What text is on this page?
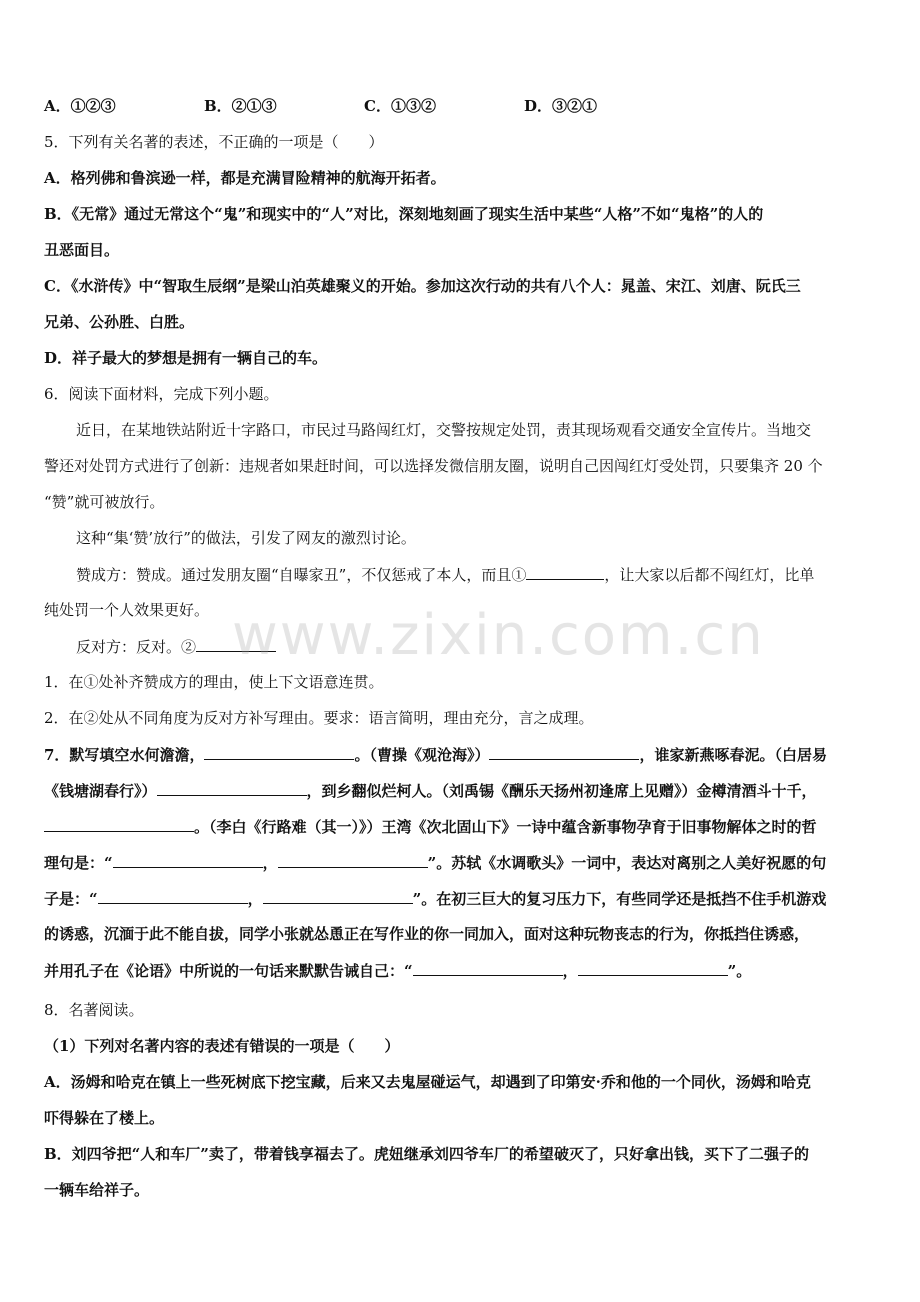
A．①②③	B．②①③	C．①③②	D．③②①
5．下列有关名著的表述，不正确的一项是（　　）
A．格列佛和鲁滨逊一样，都是充满冒险精神的航海开拓者。
B．《无常》通过无常这个“鬼”和现实中的“人”对比，深刻地刻画了现实生活中某些“人格”不如“鬼格”的人的
丑恶面目。
C．《水浒传》中“智取生辰纲”是梁山泊英雄聚义的开始。参加这次行动的共有八个人：晁盖、宋江、刘唐、阮氏三
兄弟、公孙胜、白胜。
D．祥子最大的梦想是拥有一辆自己的车。
6．阅读下面材料，完成下列小题。
近日，在某地铁站附近十字路口，市民过马路闯红灯，交警按规定处罚，责其现场观看交通安全宣传片。当地交
警还对处罚方式进行了创新：违规者如果赶时间，可以选择发微信朋友圈，说明自己因闯红灯受处罚，只要集齐 20 个
“赞”就可被放行。
这种“集‘赞’放行”的做法，引发了网友的激烈讨论。
赞成方：赞成。通过发朋友圈“自曝家丑”，不仅惩戒了本人，而且①	，让大家以后都不闯红灯，比单
纯处罚一个人效果更好。
反对方：反对。②
1．在①处补齐赞成方的理由，使上下文语意连贯。
2．在②处从不同角度为反对方补写理由。要求：语言简明，理由充分，言之成理。
7．默写填空水何澹澹，	。（曹操《观沧海》）	，谁家新燕啄春泥。（白居易
《钱塘湖春行》）	，到乡翻似烂柯人。（刘禹锡《酬乐天扬州初逢席上见赠》）金樽清酒斗十千，
。（李白《行路难（其一）》）王湾《次北固山下》一诗中蕴含新事物孕育于旧事物解体之时的哲
理句是：“	，	”。苏轼《水调歌头》一词中，表达对离别之人美好祝愿的句
子是：“	，	”。在初三巨大的复习压力下，有些同学还是抵挡不住手机游戏
的诱惑，沉湎于此不能自拔，同学小张就怂恿正在写作业的你一同加入，面对这种玩物丧志的行为，你抵挡住诱惑，
并用孔子在《论语》中所说的一句话来默默告诫自己：“	，	”。
8．名著阅读。
（1）下列对名著内容的表述有错误的一项是（　　）
A．汤姆和哈克在镇上一些死树底下挖宝藏，后来又去鬼屋碰运气，却遇到了印第安·乔和他的一个同伙，汤姆和哈克
吓得躲在了楼上。
B．刘四爷把“人和车厂”卖了，带着钱享福去了。虎妞继承刘四爷车厂的希望破灭了，只好拿出钱，买下了二强子的
一辆车给祥子。
www.zixin.com.cn
